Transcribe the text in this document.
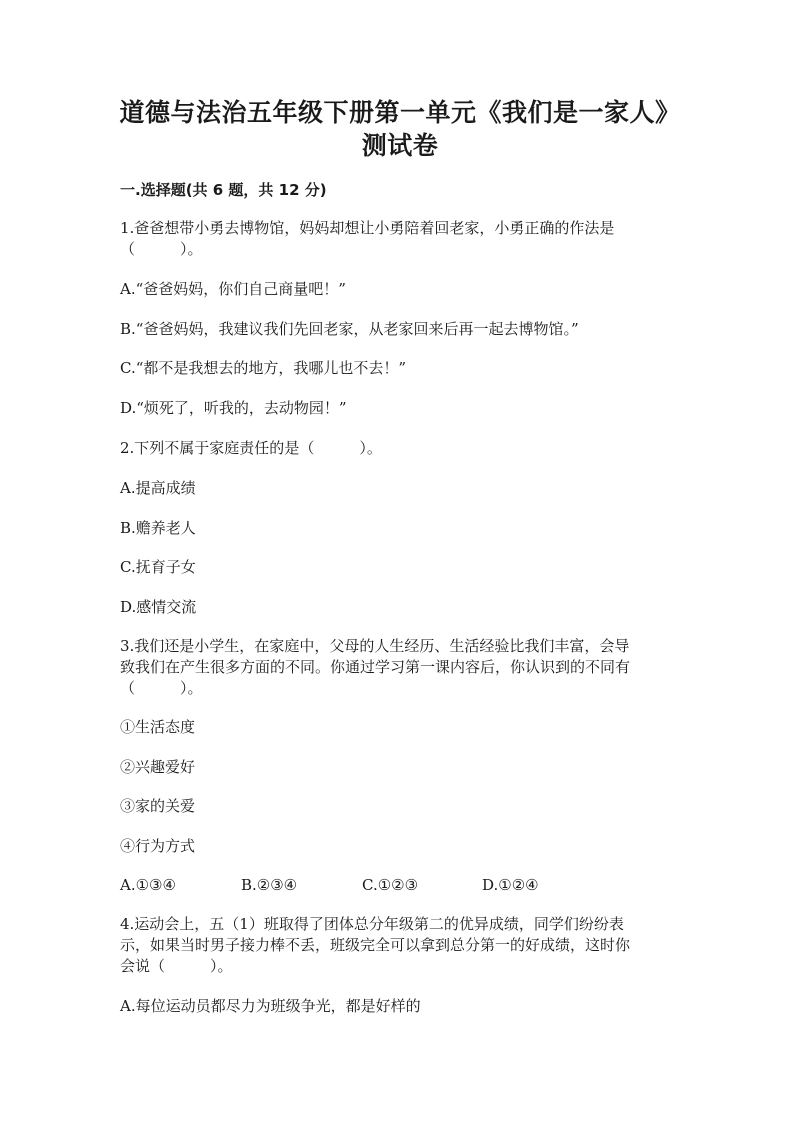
道德与法治五年级下册第一单元《我们是一家人》
测试卷
一.选择题(共 6 题，共 12 分)
1.爸爸想带小勇去博物馆，妈妈却想让小勇陪着回老家，小勇正确的作法是
（　　　）。
A.“爸爸妈妈，你们自己商量吧！”
B.“爸爸妈妈，我建议我们先回老家，从老家回来后再一起去博物馆。”
C.“都不是我想去的地方，我哪儿也不去！”
D.“烦死了，听我的，去动物园！”
2.下列不属于家庭责任的是（　　　）。
A.提高成绩
B.赡养老人
C.抚育子女
D.感情交流
3.我们还是小学生，在家庭中，父母的人生经历、生活经验比我们丰富，会导
致我们在产生很多方面的不同。你通过学习第一课内容后，你认识到的不同有
（　　　）。
①生活态度
②兴趣爱好
③家的关爱
④行为方式
A.①③④	B.②③④	C.①②③	D.①②④
4.运动会上，五（1）班取得了团体总分年级第二的优异成绩，同学们纷纷表
示，如果当时男子接力棒不丢，班级完全可以拿到总分第一的好成绩，这时你
会说（　　　）。
A.每位运动员都尽力为班级争光，都是好样的
